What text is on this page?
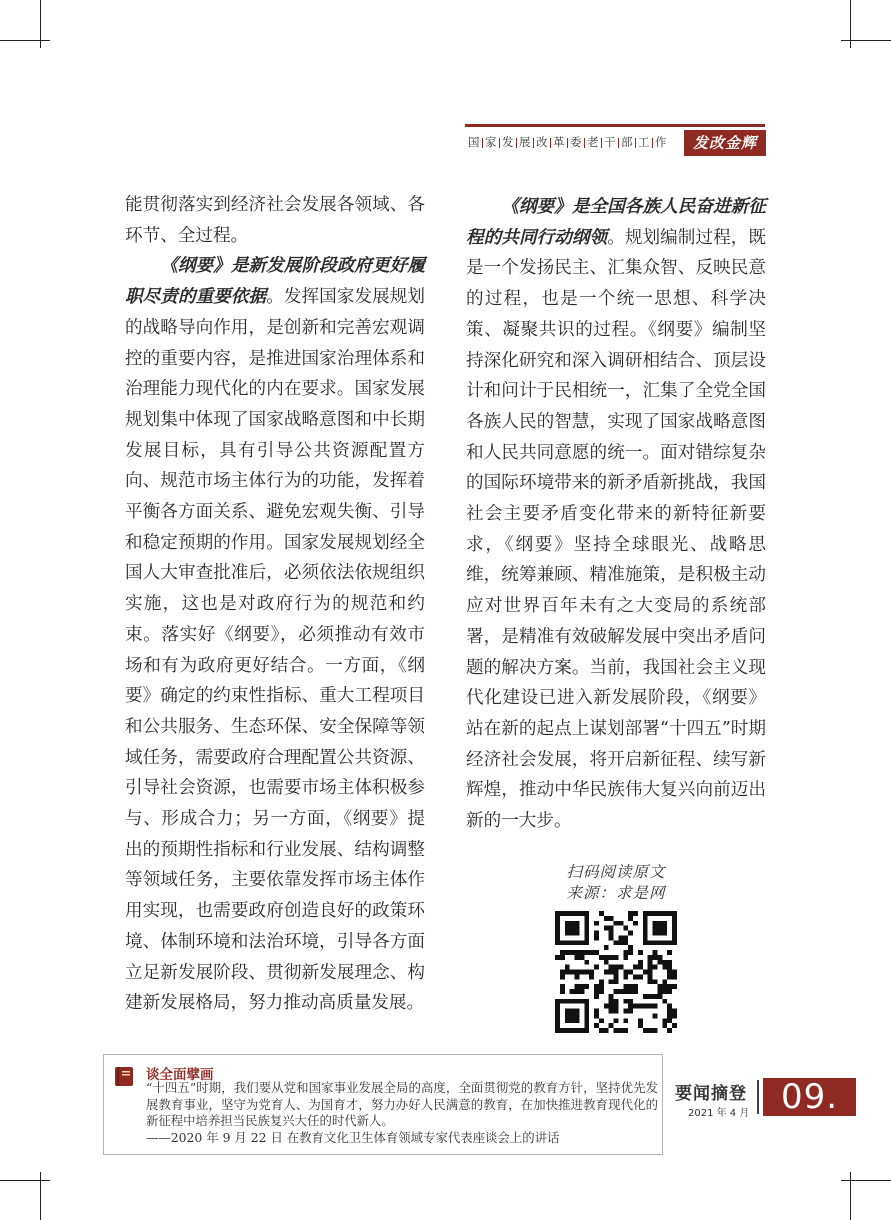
国 家 发 展 改 革 委 老 干 部 工 作	发改金辉

能贯彻落实到经济社会发展各领域、各环节、全过程。

《纲要》是新发展阶段政府更好履职尽责的重要依据。发挥国家发展规划的战略导向作用，是创新和完善宏观调控的重要内容，是推进国家治理体系和治理能力现代化的内在要求。国家发展规划集中体现了国家战略意图和中长期发展目标，具有引导公共资源配置方向、规范市场主体行为的功能，发挥着平衡各方面关系、避免宏观失衡、引导和稳定预期的作用。国家发展规划经全国人大审查批准后，必须依法依规组织实施，这也是对政府行为的规范和约束。落实好《纲要》，必须推动有效市场和有为政府更好结合。一方面，《纲要》确定的约束性指标、重大工程项目和公共服务、生态环保、安全保障等领域任务，需要政府合理配置公共资源、引导社会资源，也需要市场主体积极参与、形成合力；另一方面，《纲要》提出的预期性指标和行业发展、结构调整等领域任务，主要依靠发挥市场主体作用实现，也需要政府创造良好的政策环境、体制环境和法治环境，引导各方面立足新发展阶段、贯彻新发展理念、构建新发展格局，努力推动高质量发展。

《纲要》是全国各族人民奋进新征程的共同行动纲领。规划编制过程，既是一个发扬民主、汇集众智、反映民意的过程，也是一个统一思想、科学决策、凝聚共识的过程。《纲要》编制坚持深化研究和深入调研相结合、顶层设计和问计于民相统一，汇集了全党全国各族人民的智慧，实现了国家战略意图和人民共同意愿的统一。面对错综复杂的国际环境带来的新矛盾新挑战，我国社会主要矛盾变化带来的新特征新要求，《纲要》坚持全球眼光、战略思维，统筹兼顾、精准施策，是积极主动应对世界百年未有之大变局的系统部署，是精准有效破解发展中突出矛盾问题的解决方案。当前，我国社会主义现代化建设已进入新发展阶段，《纲要》站在新的起点上谋划部署“十四五”时期经济社会发展，将开启新征程、续写新辉煌，推动中华民族伟大复兴向前迈出新的一大步。

扫码阅读原文
来源：求是网
谈全面擘画

“十四五”时期，我们要从党和国家事业发展全局的高度，全面贯彻党的教育方针，坚持优先发展教育事业，坚守为党育人、为国育才，努力办好人民满意的教育，在加快推进教育现代化的新征程中培养担当民族复兴大任的时代新人。

——2020 年 9 月 22 日 在教育文化卫生体育领域专家代表座谈会上的讲话

要闻摘登
2021 年 4 月 09.
